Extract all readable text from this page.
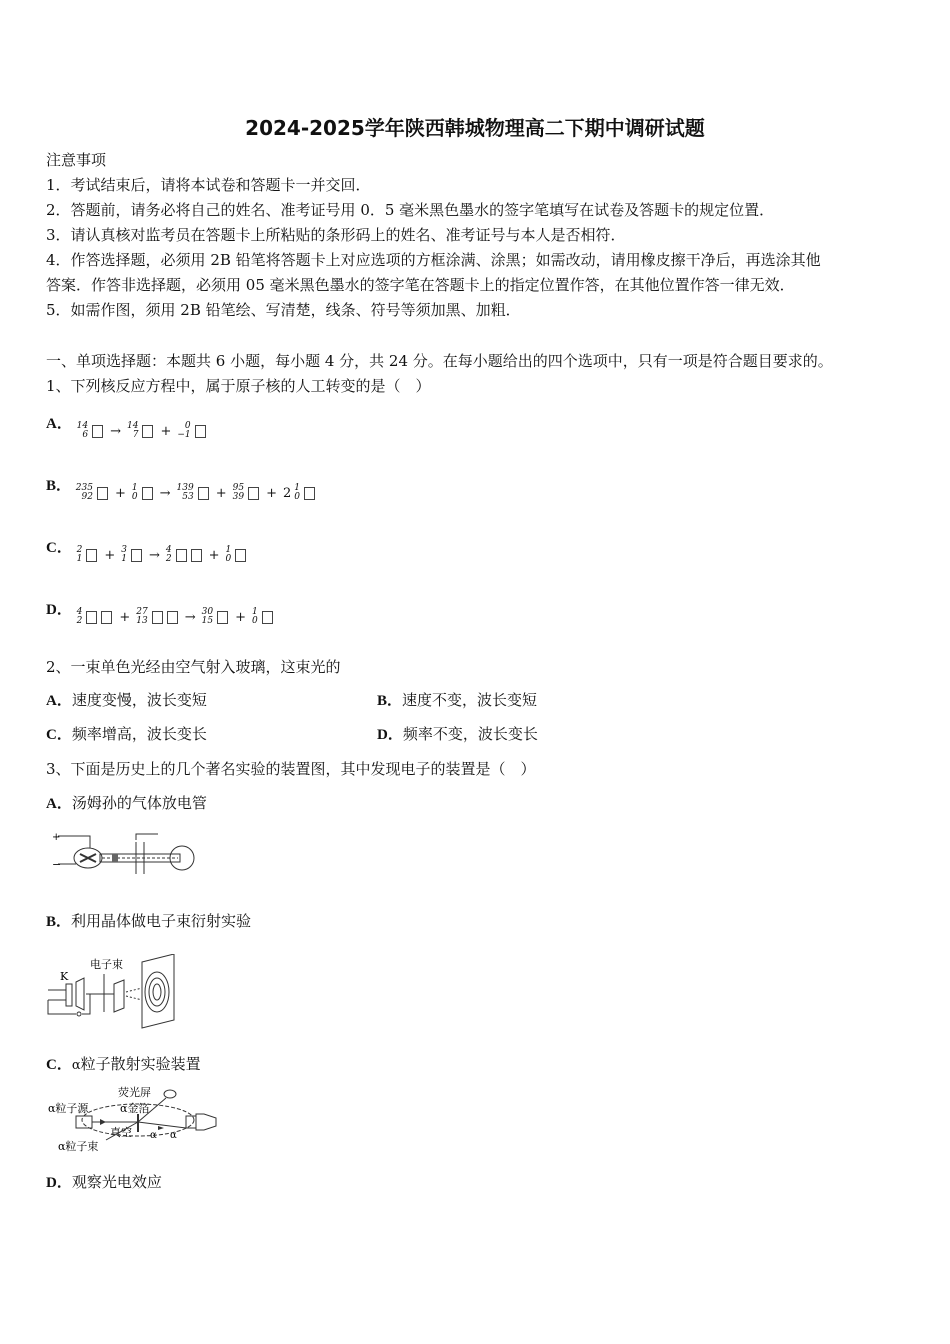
2024-2025学年陕西韩城物理高二下期中调研试题
注意事项
1．考试结束后，请将本试卷和答题卡一并交回．
2．答题前，请务必将自己的姓名、准考证号用 0．5 毫米黑色墨水的签字笔填写在试卷及答题卡的规定位置．
3．请认真核对监考员在答题卡上所粘贴的条形码上的姓名、准考证号与本人是否相符．
4．作答选择题，必须用 2B 铅笔将答题卡上对应选项的方框涂满、涂黑；如需改动，请用橡皮擦干净后，再选涂其他
答案．作答非选择题，必须用 05 毫米黑色墨水的签字笔在答题卡上的指定位置作答，在其他位置作答一律无效．
5．如需作图，须用 2B 铅笔绘、写清楚，线条、符号等须加黑、加粗．
一、单项选择题：本题共 6 小题，每小题 4 分，共 24 分。在每小题给出的四个选项中，只有一项是符合题目要求的。
1、下列核反应方程中，属于原子核的人工转变的是（　）
A． 14
6 → 14
7 +	0
−1
B． 235
92 + 1
0 → 139
53 + 95
39 + 2 1
0
C． 2
1 + 3
1 → 4
2	+ 1
0
D． 4
2	+ 27
13	→ 30
15 + 1
0
2、一束单色光经由空气射入玻璃，这束光的
A．速度变慢，波长变短	B．速度不变，波长变短
C．频率增高，波长变长	D．频率不变，波长变长
3、下面是历史上的几个著名实验的装置图，其中发现电子的装置是（　）
A．汤姆孙的气体放电管
+
−
B．利用晶体做电子束衍射实验
K
电子束
C．α粒子散射实验装置
荧光屏
α粒子源	α金箔
真空
α粒子束
α α
D．观察光电效应
